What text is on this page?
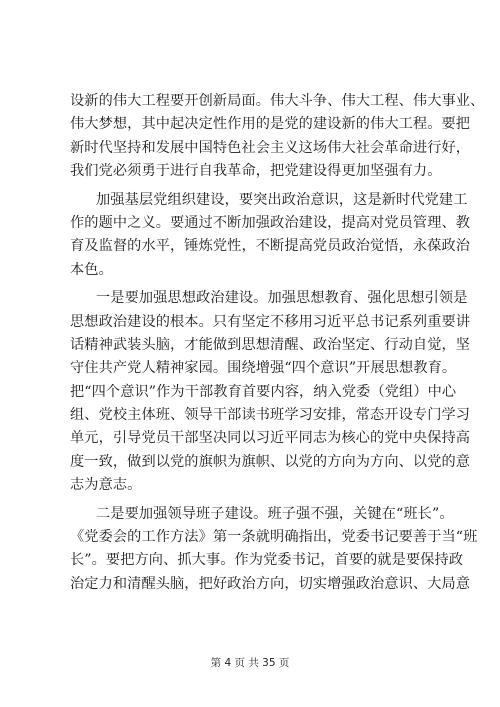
设新的伟大工程要开创新局面。伟大斗争、伟大工程、伟大事业、
伟大梦想，其中起决定性作用的是党的建设新的伟大工程。要把
新时代坚持和发展中国特色社会主义这场伟大社会革命进行好，
我们党必须勇于进行自我革命，把党建设得更加坚强有力。
加强基层党组织建设，要突出政治意识，这是新时代党建工
作的题中之义。要通过不断加强政治建设，提高对党员管理、教
育及监督的水平，锤炼党性，不断提高党员政治觉悟，永葆政治
本色。
一是要加强思想政治建设。加强思想教育、强化思想引领是
思想政治建设的根本。只有坚定不移用习近平总书记系列重要讲
话精神武装头脑，才能做到思想清醒、政治坚定、行动自觉，坚
守住共产党人精神家园。围绕增强“四个意识”开展思想教育。
把“四个意识”作为干部教育首要内容，纳入党委（党组）中心
组、党校主体班、领导干部读书班学习安排，常态开设专门学习
单元，引导党员干部坚决同以习近平同志为核心的党中央保持高
度一致，做到以党的旗帜为旗帜、以党的方向为方向、以党的意
志为意志。
二是要加强领导班子建设。班子强不强，关键在“班长”。
《党委会的工作方法》第一条就明确指出，党委书记要善于当“班
长”。要把方向、抓大事。作为党委书记，首要的就是要保持政
治定力和清醒头脑，把好政治方向，切实增强政治意识、大局意
第 4 页 共 35 页
